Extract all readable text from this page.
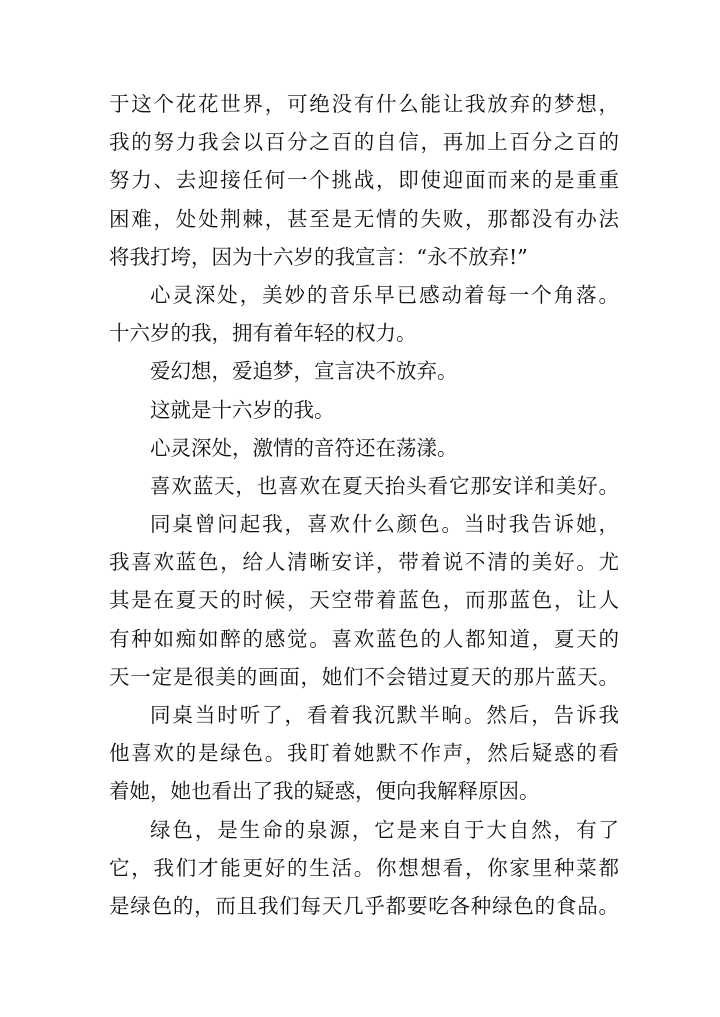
于这个花花世界，可绝没有什么能让我放弃的梦想，
我的努力我会以百分之百的自信，再加上百分之百的
努力、去迎接任何一个挑战，即使迎面而来的是重重
困难，处处荆棘，甚至是无情的失败，那都没有办法
将我打垮，因为十六岁的我宣言：“永不放弃!”
心灵深处，美妙的音乐早已感动着每一个角落。
十六岁的我，拥有着年轻的权力。
爱幻想，爱追梦，宣言决不放弃。
这就是十六岁的我。
心灵深处，激情的音符还在荡漾。
喜欢蓝天，也喜欢在夏天抬头看它那安详和美好。
同桌曾问起我，喜欢什么颜色。当时我告诉她，
我喜欢蓝色，给人清晰安详，带着说不清的美好。尤
其是在夏天的时候，天空带着蓝色，而那蓝色，让人
有种如痴如醉的感觉。喜欢蓝色的人都知道，夏天的
天一定是很美的画面，她们不会错过夏天的那片蓝天。
同桌当时听了，看着我沉默半晌。然后，告诉我
他喜欢的是绿色。我盯着她默不作声，然后疑惑的看
着她，她也看出了我的疑惑，便向我解释原因。
绿色，是生命的泉源，它是来自于大自然，有了
它，我们才能更好的生活。你想想看，你家里种菜都
是绿色的，而且我们每天几乎都要吃各种绿色的食品。
